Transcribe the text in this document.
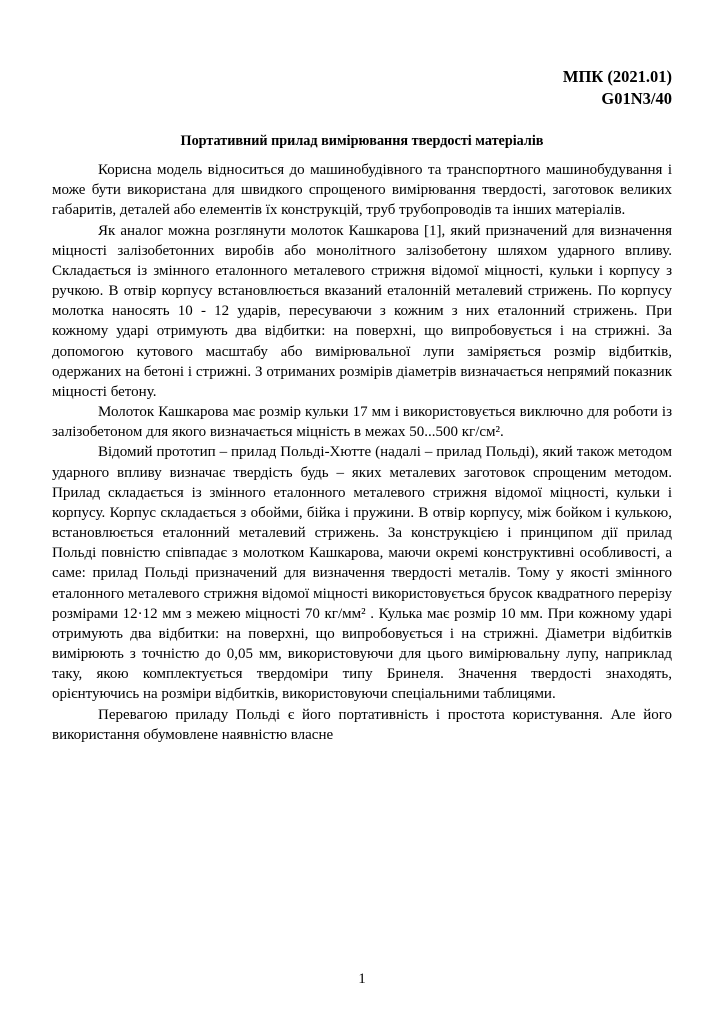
МПК (2021.01)
G01N3/40
Портативний прилад вимірювання твердості матеріалів

Корисна модель відноситься до машинобудівного та транспортного машинобудування і може бути використана для швидкого спрощеного вимірювання твердості, заготовок великих габаритів, деталей або елементів їх конструкцій, труб трубопроводів та інших матеріалів.

Як аналог можна розглянути молоток Кашкарова [1], який призначений для визначення міцності залізобетонних виробів або монолітного залізобетону шляхом ударного впливу. Складається із змінного еталонного металевого стрижня відомої міцності, кульки і корпусу з ручкою. В отвір корпусу встановлюється вказаний еталонній металевий стрижень. По корпусу молотка наносять 10 - 12 ударів, пересуваючи з кожним з них еталонний стрижень. При кожному ударі отримують два відбитки: на поверхні, що випробовується і на стрижні. За допомогою кутового масштабу або вимірювальної лупи заміряється розмір відбитків, одержаних на бетоні і стрижні. З отриманих розмірів діаметрів визначається непрямий показник міцності бетону.

Молоток Кашкарова має розмір кульки 17 мм і використовується виключно для роботи із залізобетоном для якого визначається міцність в межах 50...500 кг/см².

Відомий прототип – прилад Польді-Хютте (надалі – прилад Польді), який також методом ударного впливу визначає твердість будь – яких металевих заготовок спрощеним методом. Прилад складається із змінного еталонного металевого стрижня відомої міцності, кульки і корпусу. Корпус складається з обойми, бійка і пружини. В отвір корпусу, між бойком і кулькою, встановлюється еталонний металевий стрижень. За конструкцією і принципом дії прилад Польді повністю співпадає з молотком Кашкарова, маючи окремі конструктивні особливості, а саме: прилад Польді призначений для визначення твердості металів. Тому у якості змінного еталонного металевого стрижня відомої міцності використовується брусок квадратного перерізу розмірами 12·12 мм з межею міцності 70 кг/мм² . Кулька має розмір 10 мм. При кожному ударі отримують два відбитки: на поверхні, що випробовується і на стрижні. Діаметри відбитків вимірюють з точністю до 0,05 мм, використовуючи для цього вимірювальну лупу, наприклад таку, якою комплектується твердоміри типу Бринеля. Значення твердості знаходять, орієнтуючись на розміри відбитків, використовуючи спеціальними таблицями.

Перевагою приладу Польді є його портативність і простота користування. Але його використання обумовлене наявністю власне

1
